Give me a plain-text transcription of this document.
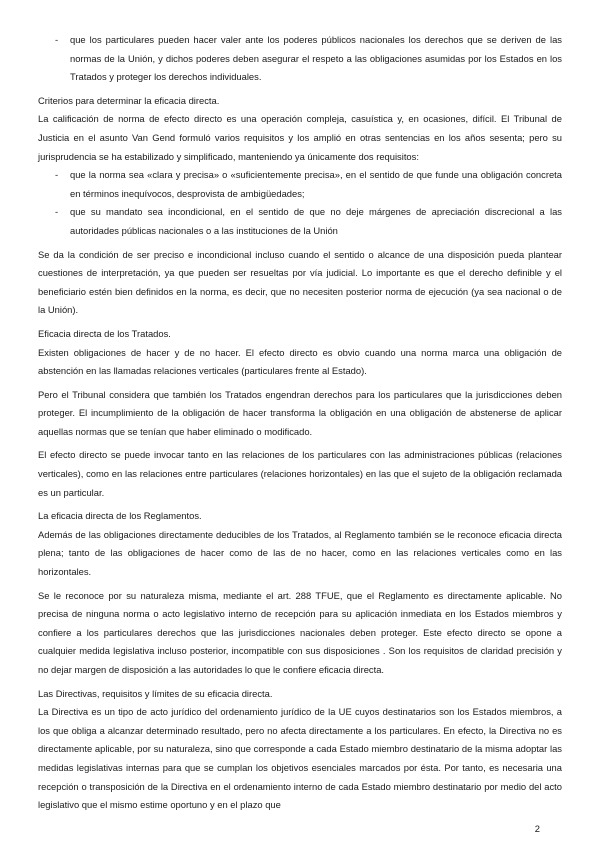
- que los particulares pueden hacer valer ante los poderes públicos nacionales los derechos que se deriven de las normas de la Unión, y dichos poderes deben asegurar el respeto a las obligaciones asumidas por los Estados en los Tratados y proteger los derechos individuales.

Criterios para determinar la eficacia directa.

La calificación de norma de efecto directo es una operación compleja, casuística y, en ocasiones, difícil. El Tribunal de Justicia en el asunto Van Gend formuló varios requisitos y los amplió en otras sentencias en los años sesenta; pero su jurisprudencia se ha estabilizado y simplificado, manteniendo ya únicamente dos requisitos:

- que la norma sea «clara y precisa» o «suficientemente precisa», en el sentido de que funde una obligación concreta en términos inequívocos, desprovista de ambigüedades;
- que su mandato sea incondicional, en el sentido de que no deje márgenes de apreciación discrecional a las autoridades públicas nacionales o a las instituciones de la Unión

Se da la condición de ser preciso e incondicional incluso cuando el sentido o alcance de una disposición pueda plantear cuestiones de interpretación, ya que pueden ser resueltas por vía judicial. Lo importante es que el derecho definible y el beneficiario estén bien definidos en la norma, es decir, que no necesiten posterior norma de ejecución (ya sea nacional o de la Unión).

Eficacia directa de los Tratados.

Existen obligaciones de hacer y de no hacer. El efecto directo es obvio cuando una norma marca una obligación de abstención en las llamadas relaciones verticales (particulares frente al Estado).

Pero el Tribunal considera que también los Tratados engendran derechos para los particulares que la jurisdicciones deben proteger. El incumplimiento de la obligación de hacer transforma la obligación en una obligación de abstenerse de aplicar aquellas normas que se tenían que haber eliminado o modificado.

El efecto directo se puede invocar tanto en las relaciones de los particulares con las administraciones públicas (relaciones verticales), como en las relaciones entre particulares (relaciones horizontales) en las que el sujeto de la obligación reclamada es un particular.

La eficacia directa de los Reglamentos.

Además de las obligaciones directamente deducibles de los Tratados, al Reglamento también se le reconoce eficacia directa plena; tanto de las obligaciones de hacer como de las de no hacer, como en las relaciones verticales como en las horizontales.

Se le reconoce por su naturaleza misma, mediante el art. 288 TFUE, que el Reglamento es directamente aplicable. No precisa de ninguna norma o acto legislativo interno de recepción para su aplicación inmediata en los Estados miembros y confiere a los particulares derechos que las jurisdicciones nacionales deben proteger. Este efecto directo se opone a cualquier medida legislativa incluso posterior, incompatible con sus disposiciones . Son los requisitos de claridad precisión y no dejar margen de disposición a las autoridades lo que le confiere eficacia directa.

Las Directivas, requisitos y límites de su eficacia directa.

La Directiva es un tipo de acto jurídico del ordenamiento jurídico de la UE cuyos destinatarios son los Estados miembros, a los que obliga a alcanzar determinado resultado, pero no afecta directamente a los particulares. En efecto, la Directiva no es directamente aplicable, por su naturaleza, sino que corresponde a cada Estado miembro destinatario de la misma adoptar las medidas legislativas internas para que se cumplan los objetivos esenciales marcados por ésta. Por tanto, es necesaria una recepción o transposición de la Directiva en el ordenamiento interno de cada Estado miembro destinatario por medio del acto legislativo que el mismo estime oportuno y en el plazo que

2
